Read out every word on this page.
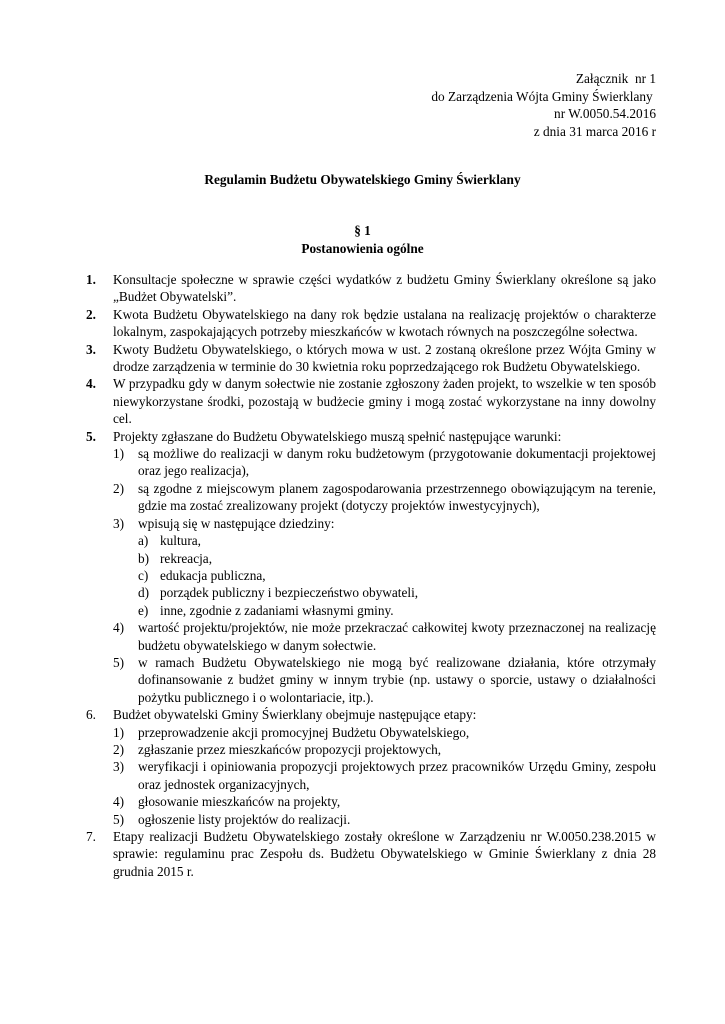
Załącznik  nr 1
do Zarządzenia Wójta Gminy Świerklany
nr W.0050.54.2016
z dnia 31 marca 2016 r
Regulamin Budżetu Obywatelskiego Gminy Świerklany
§ 1
Postanowienia ogólne
1. Konsultacje społeczne w sprawie części wydatków z budżetu Gminy Świerklany określone są jako „Budżet Obywatelski”.
2. Kwota Budżetu Obywatelskiego na dany rok będzie ustalana na realizację projektów o charakterze lokalnym, zaspokajających potrzeby mieszkańców w kwotach równych na poszczególne sołectwa.
3. Kwoty Budżetu Obywatelskiego, o których mowa w ust. 2 zostaną określone przez Wójta Gminy w drodze zarządzenia w terminie do 30 kwietnia roku poprzedzającego rok Budżetu Obywatelskiego.
4. W przypadku gdy w danym sołectwie nie zostanie zgłoszony żaden projekt, to wszelkie w ten sposób niewykorzystane środki, pozostają w budżecie gminy i mogą zostać wykorzystane na inny dowolny cel.
5. Projekty zgłaszane do Budżetu Obywatelskiego muszą spełnić następujące warunki:
1) są możliwe do realizacji w danym roku budżetowym (przygotowanie dokumentacji projektowej oraz jego realizacja),
2) są zgodne z miejscowym planem zagospodarowania przestrzennego obowiązującym na terenie, gdzie ma zostać zrealizowany projekt (dotyczy projektów inwestycyjnych),
3) wpisują się w następujące dziedziny:
a) kultura,
b) rekreacja,
c) edukacja publiczna,
d) porządek publiczny i bezpieczeństwo obywateli,
e) inne, zgodnie z zadaniami własnymi gminy.
4) wartość projektu/projektów, nie może przekraczać całkowitej kwoty przeznaczonej na realizację budżetu obywatelskiego w danym sołectwie.
5) w ramach Budżetu Obywatelskiego nie mogą być realizowane działania, które otrzymały dofinansowanie z budżet gminy w innym trybie (np. ustawy o sporcie, ustawy o działalności pożytku publicznego i o wolontariacie, itp.).
6. Budżet obywatelski Gminy Świerklany obejmuje następujące etapy:
1) przeprowadzenie akcji promocyjnej Budżetu Obywatelskiego,
2) zgłaszanie przez mieszkańców propozycji projektowych,
3) weryfikacji i opiniowania propozycji projektowych przez pracowników Urzędu Gminy, zespołu oraz jednostek organizacyjnych,
4) głosowanie mieszkańców na projekty,
5) ogłoszenie listy projektów do realizacji.
7. Etapy realizacji Budżetu Obywatelskiego zostały określone w Zarządzeniu nr W.0050.238.2015 w sprawie: regulaminu prac Zespołu ds. Budżetu Obywatelskiego w Gminie Świerklany z dnia 28 grudnia 2015 r.
